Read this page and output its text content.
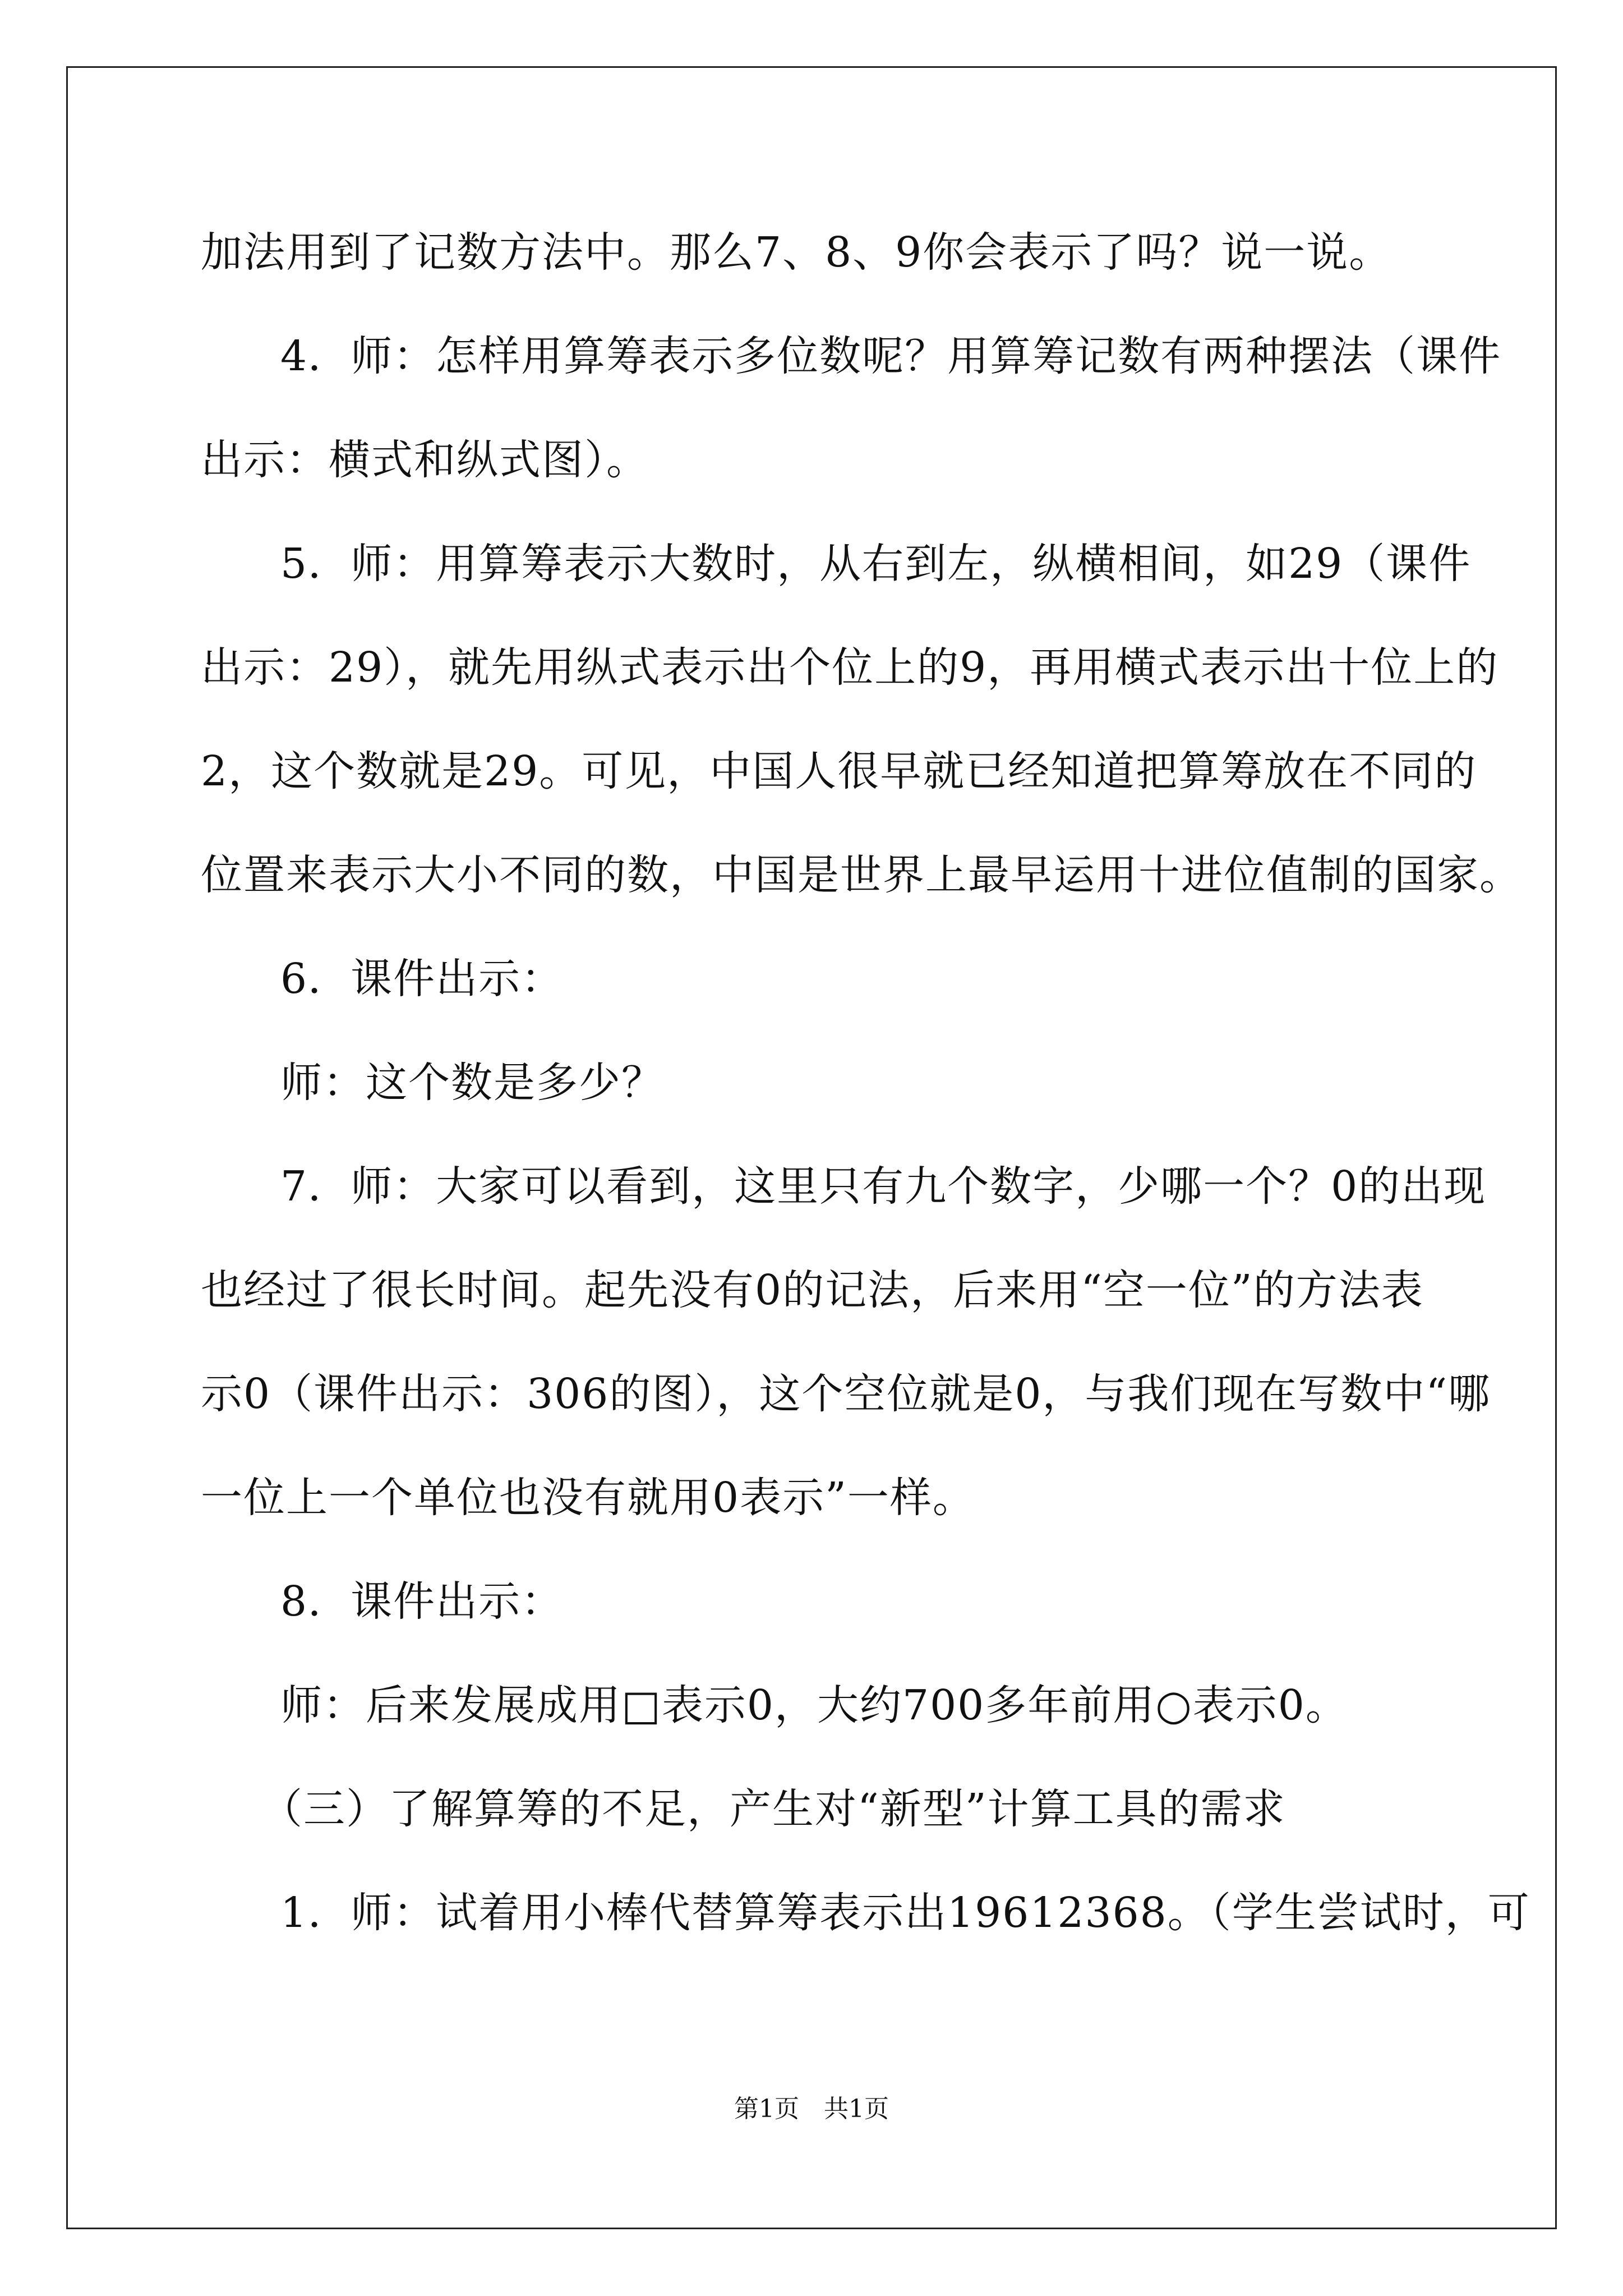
加法用到了记数方法中。那么7、8、9你会表示了吗？说一说。
4．师：怎样用算筹表示多位数呢？用算筹记数有两种摆法（课件
出示：横式和纵式图）。
5．师：用算筹表示大数时，从右到左，纵横相间，如29（课件
出示：29），就先用纵式表示出个位上的9，再用横式表示出十位上的
2，这个数就是29。可见，中国人很早就已经知道把算筹放在不同的
位置来表示大小不同的数，中国是世界上最早运用十进位值制的国家。
6．课件出示：
师：这个数是多少？
7．师：大家可以看到，这里只有九个数字，少哪一个？0的出现
也经过了很长时间。起先没有0的记法，后来用“空一位”的方法表
示0（课件出示：306的图），这个空位就是0，与我们现在写数中“哪
一位上一个单位也没有就用0表示”一样。
8．课件出示：
师：后来发展成用□表示0，大约700多年前用○表示0。
（三）了解算筹的不足，产生对“新型”计算工具的需求
1．师：试着用小棒代替算筹表示出19612368。（学生尝试时，可
第1页　共1页
